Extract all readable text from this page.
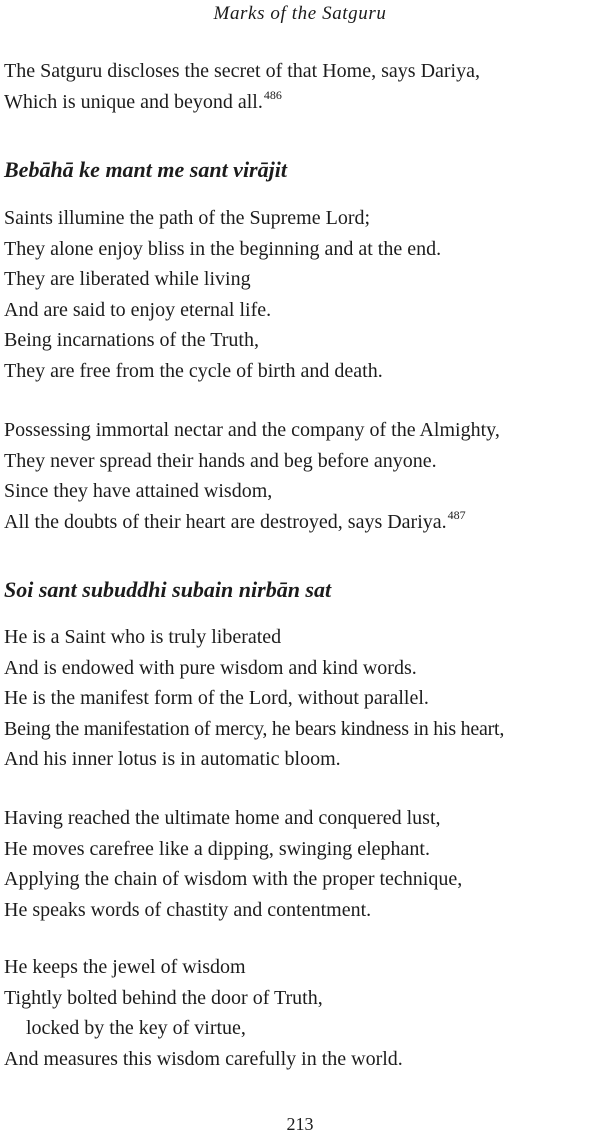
Marks of the Satguru
The Satguru discloses the secret of that Home, says Dariya,
Which is unique and beyond all.$^{486}$
Bebāhā ke mant me sant virājit
Saints illumine the path of the Supreme Lord;
They alone enjoy bliss in the beginning and at the end.
They are liberated while living
And are said to enjoy eternal life.
Being incarnations of the Truth,
They are free from the cycle of birth and death.
Possessing immortal nectar and the company of the Almighty,
They never spread their hands and beg before anyone.
Since they have attained wisdom,
All the doubts of their heart are destroyed, says Dariya.$^{487}$
Soi sant subuddhi subain nirbān sat
He is a Saint who is truly liberated
And is endowed with pure wisdom and kind words.
He is the manifest form of the Lord, without parallel.
Being the manifestation of mercy, he bears kindness in his heart,
And his inner lotus is in automatic bloom.
Having reached the ultimate home and conquered lust,
He moves carefree like a dipping, swinging elephant.
Applying the chain of wisdom with the proper technique,
He speaks words of chastity and contentment.
He keeps the jewel of wisdom
Tightly bolted behind the door of Truth,
locked by the key of virtue,
And measures this wisdom carefully in the world.
213
